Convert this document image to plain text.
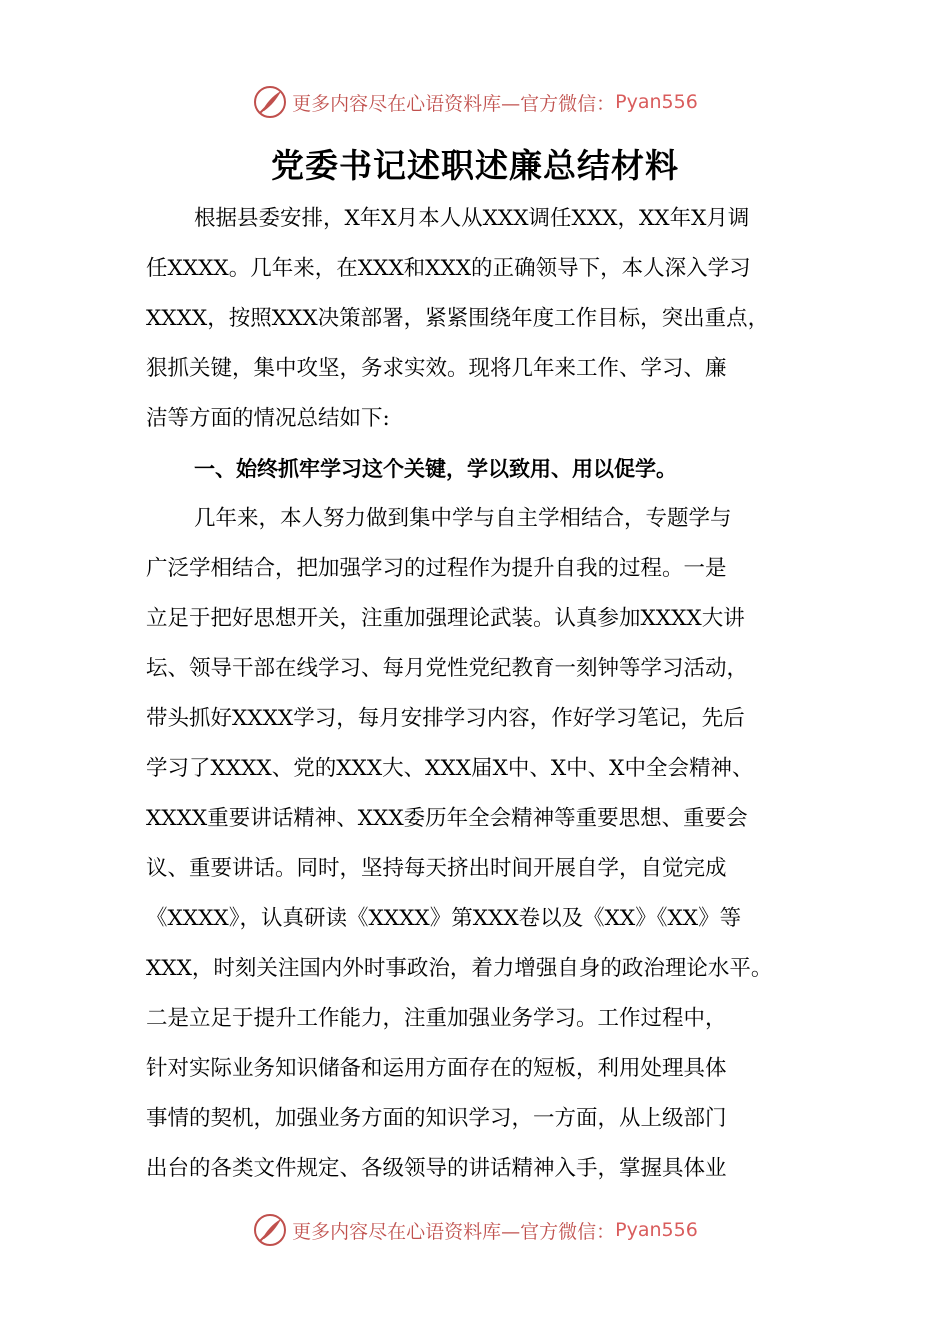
更多内容尽在心语资料库—官方微信： Pyan556
党委书记述职述廉总结材料
根据县委安排，X年X月本人从XXX调任XXX，XX年X月调
任XXXX。几年来，在XXX和XXX的正确领导下，本人深入学习
XXXX，按照XXX决策部署，紧紧围绕年度工作目标，突出重点，
狠抓关键，集中攻坚，务求实效。现将几年来工作、学习、廉
洁等方面的情况总结如下:
一、始终抓牢学习这个关键，学以致用、用以促学。
几年来，本人努力做到集中学与自主学相结合，专题学与
广泛学相结合，把加强学习的过程作为提升自我的过程。一是
立足于把好思想开关，注重加强理论武装。认真参加XXXX大讲
坛、领导干部在线学习、每月党性党纪教育一刻钟等学习活动，
带头抓好XXXX学习，每月安排学习内容，作好学习笔记，先后
学习了XXXX、党的XXX大、XXX届X中、X中、X中全会精神、
XXXX重要讲话精神、XXX委历年全会精神等重要思想、重要会
议、重要讲话。同时，坚持每天挤出时间开展自学，自觉完成
《XXXX》，认真研读《XXXX》第XXX卷以及《XX》《XX》等
XXX，时刻关注国内外时事政治，着力增强自身的政治理论水平。
二是立足于提升工作能力，注重加强业务学习。工作过程中，
针对实际业务知识储备和运用方面存在的短板，利用处理具体
事情的契机，加强业务方面的知识学习，一方面，从上级部门
出台的各类文件规定、各级领导的讲话精神入手，掌握具体业
更多内容尽在心语资料库—官方微信： Pyan556
